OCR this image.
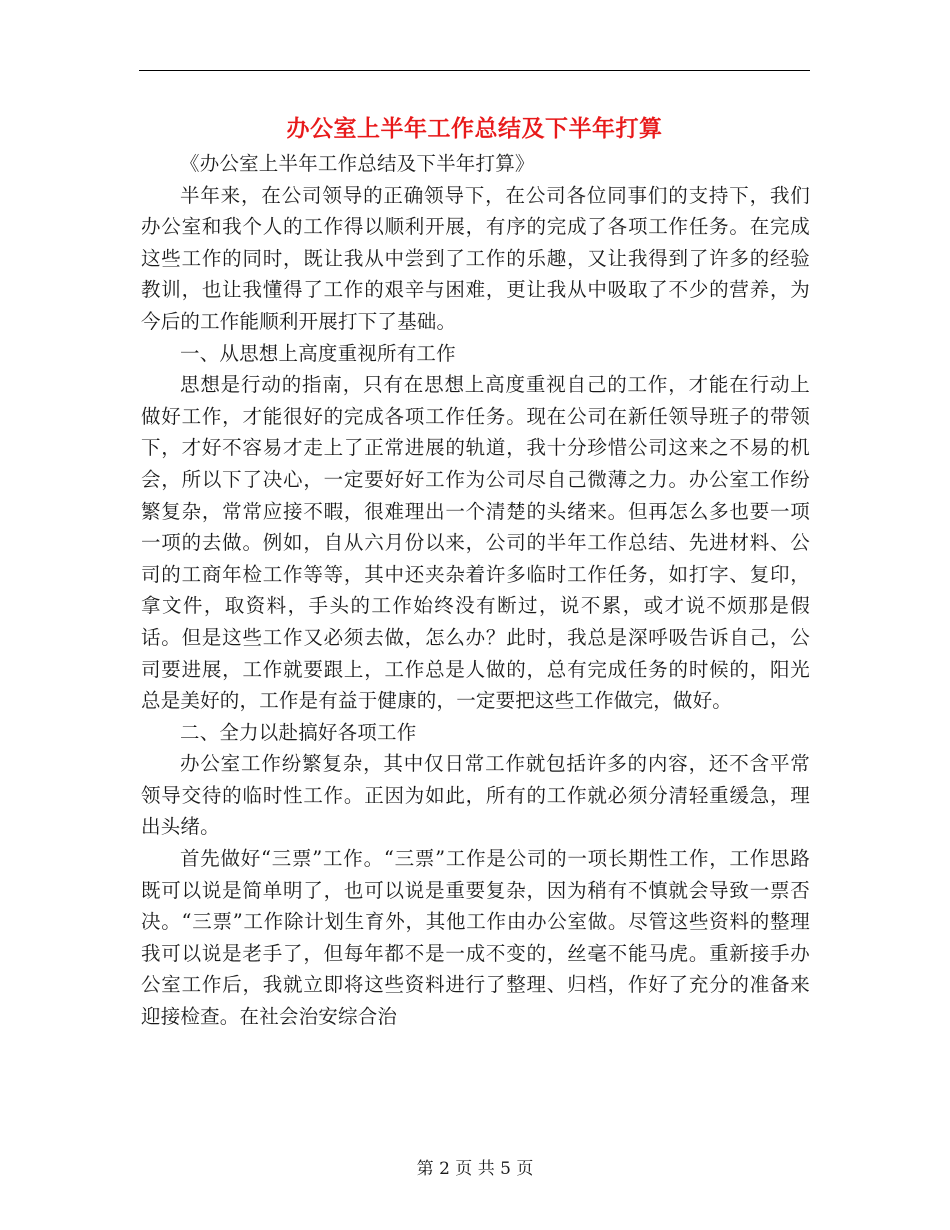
办公室上半年工作总结及下半年打算

《办公室上半年工作总结及下半年打算》

半年来，在公司领导的正确领导下，在公司各位同事们的支持下，我们办公室和我个人的工作得以顺利开展，有序的完成了各项工作任务。在完成这些工作的同时，既让我从中尝到了工作的乐趣，又让我得到了许多的经验教训，也让我懂得了工作的艰辛与困难，更让我从中吸取了不少的营养，为今后的工作能顺利开展打下了基础。

一、从思想上高度重视所有工作

思想是行动的指南，只有在思想上高度重视自己的工作，才能在行动上做好工作，才能很好的完成各项工作任务。现在公司在新任领导班子的带领下，才好不容易才走上了正常进展的轨道，我十分珍惜公司这来之不易的机会，所以下了决心，一定要好好工作为公司尽自己微薄之力。办公室工作纷繁复杂，常常应接不暇，很难理出一个清楚的头绪来。但再怎么多也要一项一项的去做。例如，自从六月份以来，公司的半年工作总结、先进材料、公司的工商年检工作等等，其中还夹杂着许多临时工作任务，如打字、复印，拿文件，取资料，手头的工作始终没有断过，说不累，或才说不烦那是假话。但是这些工作又必须去做，怎么办？此时，我总是深呼吸告诉自己，公司要进展，工作就要跟上，工作总是人做的，总有完成任务的时候的，阳光总是美好的，工作是有益于健康的，一定要把这些工作做完，做好。

二、全力以赴搞好各项工作

办公室工作纷繁复杂，其中仅日常工作就包括许多的内容，还不含平常领导交待的临时性工作。正因为如此，所有的工作就必须分清轻重缓急，理出头绪。

首先做好“三票”工作。“三票”工作是公司的一项长期性工作，工作思路既可以说是简单明了，也可以说是重要复杂，因为稍有不慎就会导致一票否决。“三票”工作除计划生育外，其他工作由办公室做。尽管这些资料的整理我可以说是老手了，但每年都不是一成不变的，丝毫不能马虎。重新接手办公室工作后，我就立即将这些资料进行了整理、归档，作好了充分的准备来迎接检查。在社会治安综合治

第 2 页 共 5 页
